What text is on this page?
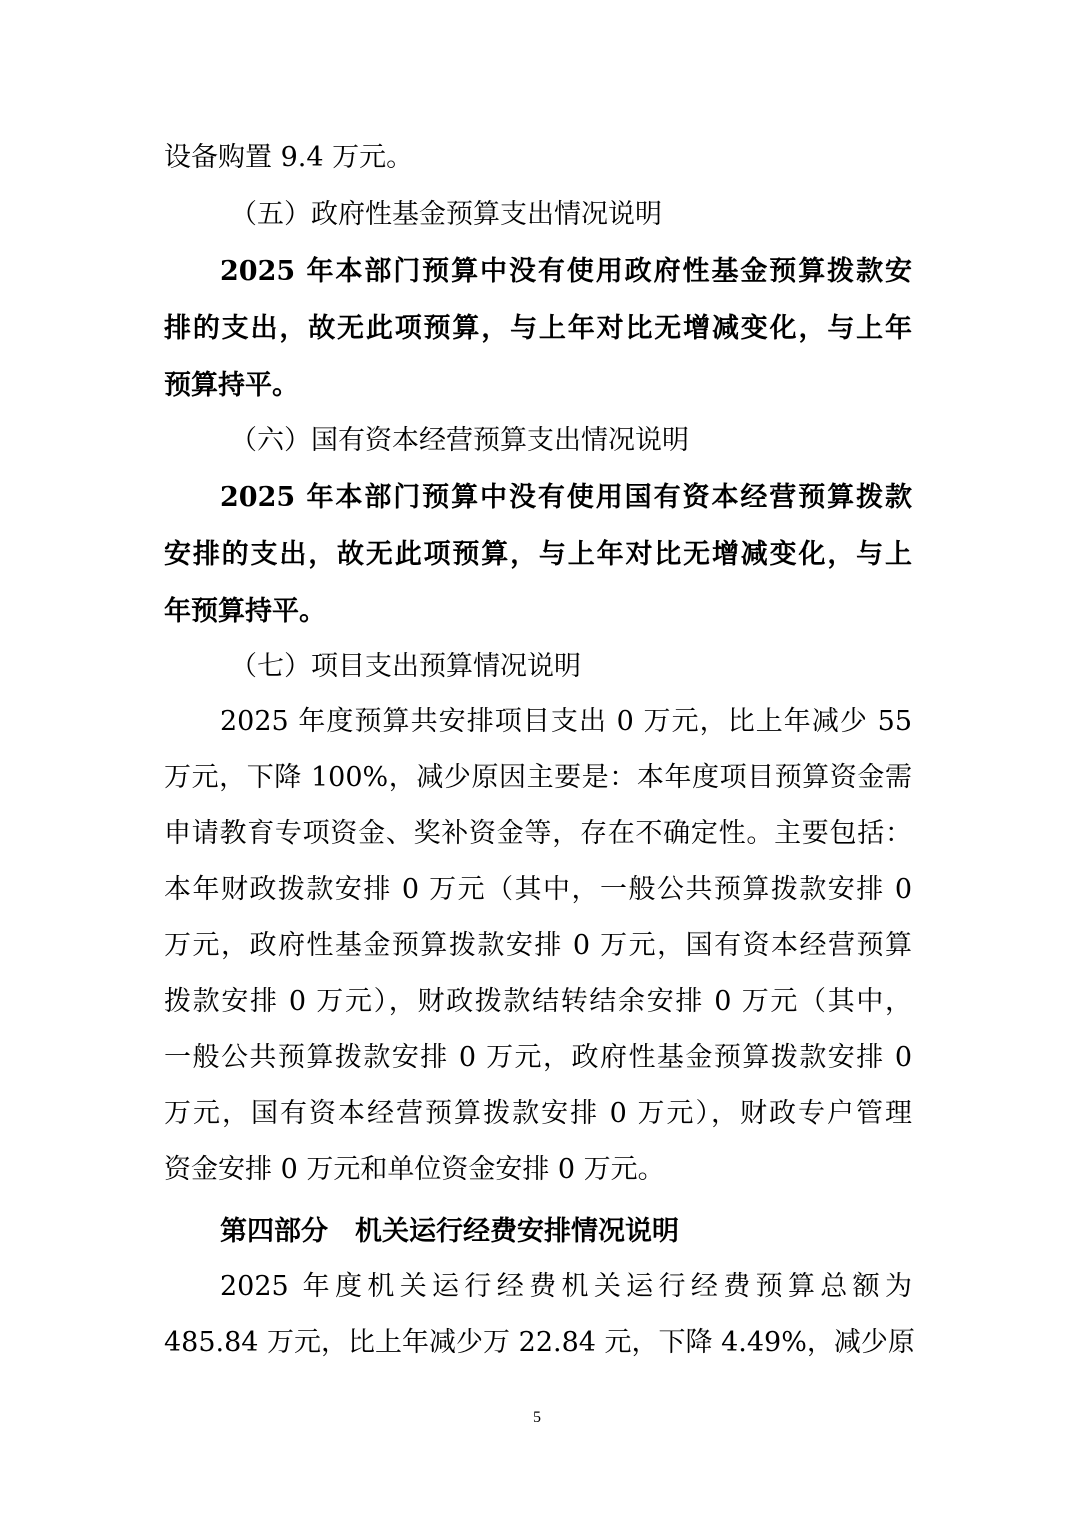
设备购置 9.4 万元。
（五）政府性基金预算支出情况说明
2025 年本部门预算中没有使用政府性基金预算拨款安
排的支出，故无此项预算，与上年对比无增减变化，与上年
预算持平。
（六）国有资本经营预算支出情况说明
2025 年本部门预算中没有使用国有资本经营预算拨款
安排的支出，故无此项预算，与上年对比无增减变化，与上
年预算持平。
（七）项目支出预算情况说明
2025 年度预算共安排项目支出 0 万元，比上年减少 55
万元，下降 100%，减少原因主要是：本年度项目预算资金需
申请教育专项资金、奖补资金等，存在不确定性。主要包括：
本年财政拨款安排 0 万元（其中，一般公共预算拨款安排 0
万元，政府性基金预算拨款安排 0 万元，国有资本经营预算
拨款安排 0 万元），财政拨款结转结余安排 0 万元（其中，
一般公共预算拨款安排 0 万元，政府性基金预算拨款安排 0
万元，国有资本经营预算拨款安排 0 万元），财政专户管理
资金安排 0 万元和单位资金安排 0 万元。
第四部分　机关运行经费安排情况说明
2025 年度机关运行经费机关运行经费预算总额为
485.84 万元，比上年减少万 22.84 元，下降 4.49%，减少原
5
